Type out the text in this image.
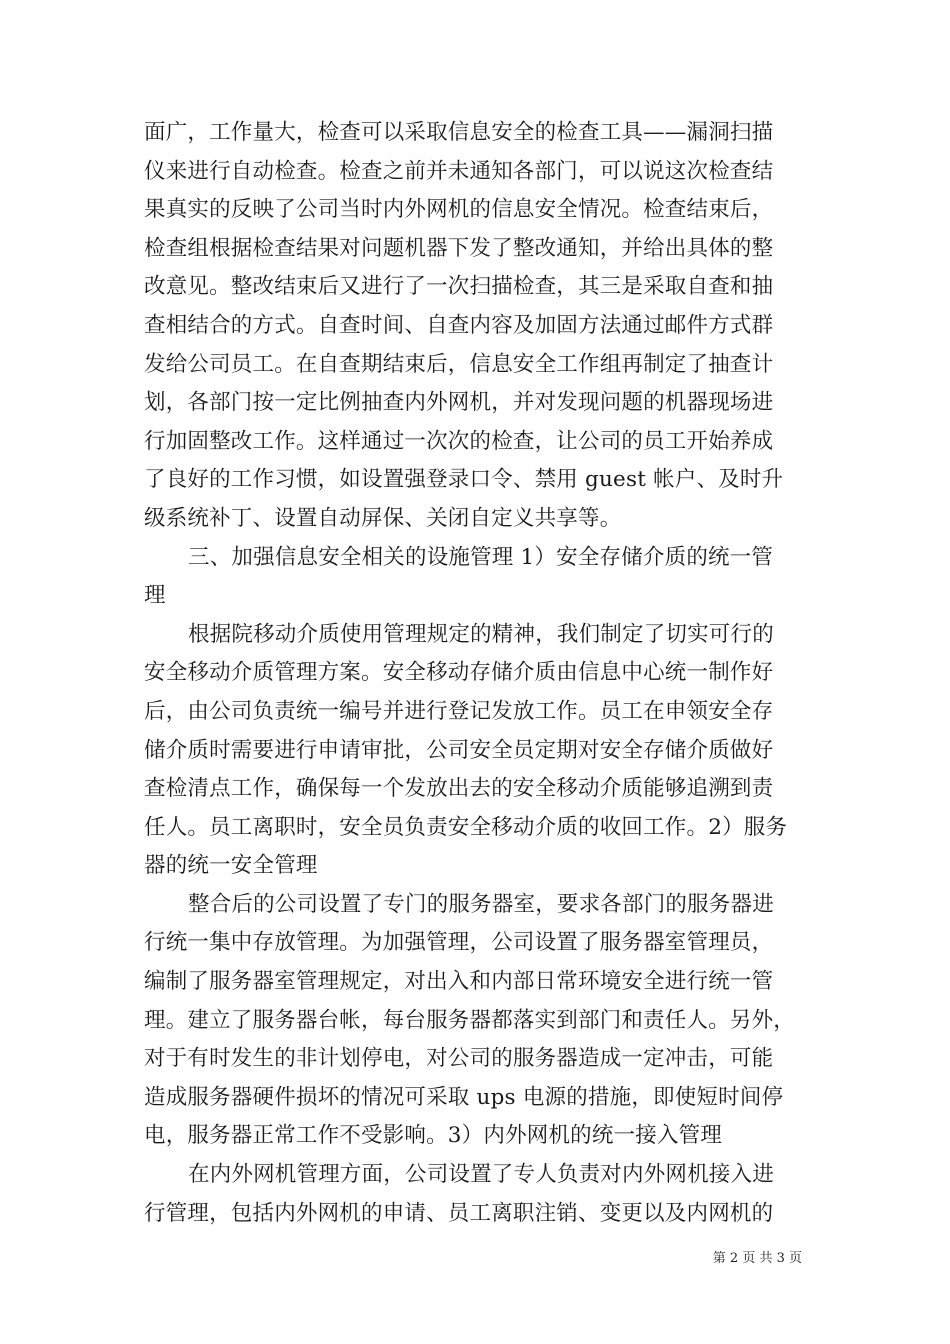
面广，工作量大，检查可以采取信息安全的检查工具——漏洞扫描
仪来进行自动检查。检查之前并未通知各部门，可以说这次检查结
果真实的反映了公司当时内外网机的信息安全情况。检查结束后，
检查组根据检查结果对问题机器下发了整改通知，并给出具体的整
改意见。整改结束后又进行了一次扫描检查，其三是采取自查和抽
查相结合的方式。自查时间、自查内容及加固方法通过邮件方式群
发给公司员工。在自查期结束后，信息安全工作组再制定了抽查计
划，各部门按一定比例抽查内外网机，并对发现问题的机器现场进
行加固整改工作。这样通过一次次的检查，让公司的员工开始养成
了良好的工作习惯，如设置强登录口令、禁用 guest 帐户、及时升
级系统补丁、设置自动屏保、关闭自定义共享等。
三、加强信息安全相关的设施管理 1）安全存储介质的统一管
理
根据院移动介质使用管理规定的精神，我们制定了切实可行的
安全移动介质管理方案。安全移动存储介质由信息中心统一制作好
后，由公司负责统一编号并进行登记发放工作。员工在申领安全存
储介质时需要进行申请审批，公司安全员定期对安全存储介质做好
查检清点工作，确保每一个发放出去的安全移动介质能够追溯到责
任人。员工离职时，安全员负责安全移动介质的收回工作。2）服务
器的统一安全管理
整合后的公司设置了专门的服务器室，要求各部门的服务器进
行统一集中存放管理。为加强管理，公司设置了服务器室管理员，
编制了服务器室管理规定，对出入和内部日常环境安全进行统一管
理。建立了服务器台帐，每台服务器都落实到部门和责任人。另外，
对于有时发生的非计划停电，对公司的服务器造成一定冲击，可能
造成服务器硬件损坏的情况可采取 ups 电源的措施，即使短时间停
电，服务器正常工作不受影响。3）内外网机的统一接入管理
在内外网机管理方面，公司设置了专人负责对内外网机接入进
行管理，包括内外网机的申请、员工离职注销、变更以及内网机的
第 2 页 共 3 页
